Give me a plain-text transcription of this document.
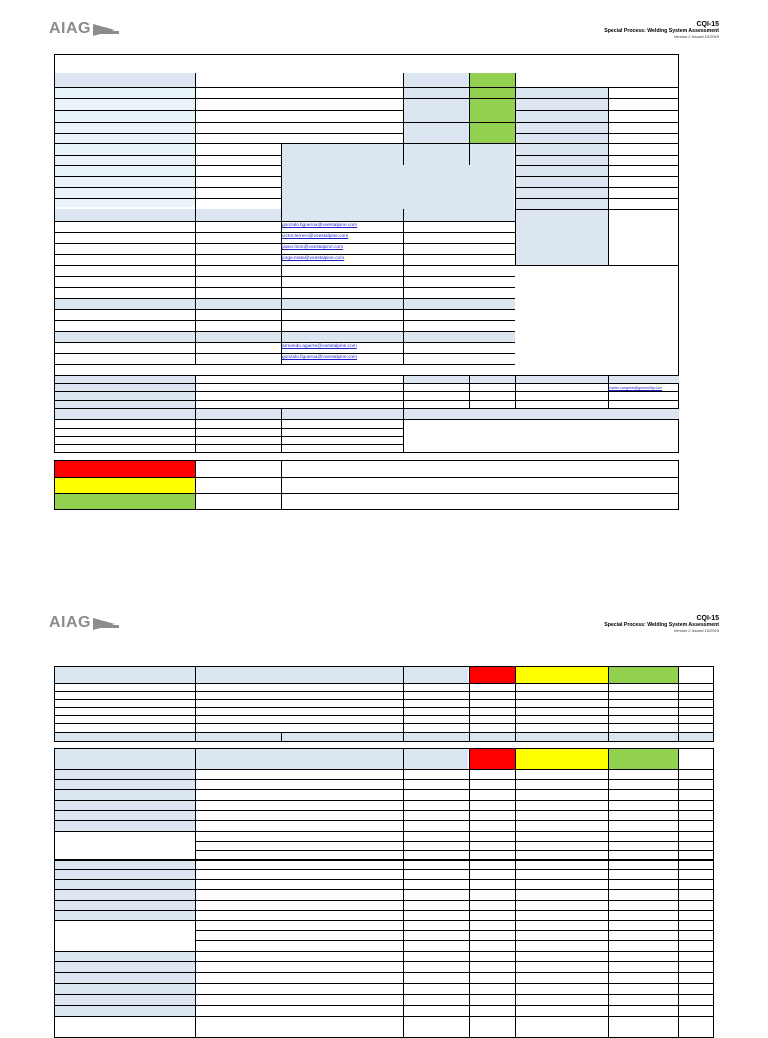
AIAG	CQI-15
Special Process: Welding System Assessment
Version 2 Issued 10/2019
gonzalo.figueroa@voestalpine.com
victor.terrero@voestalpine.com
javier.liron@voestalpine.com
jorge.mata@voestalpine.com
armando.aguirre@voestalpine.com
gonzalo.figueroa@voestalpine.com
martin.vangeest@giromultity.com
AIAG	CQI-15
Special Process: Welding System Assessment
Version 2 Issued 10/2019
